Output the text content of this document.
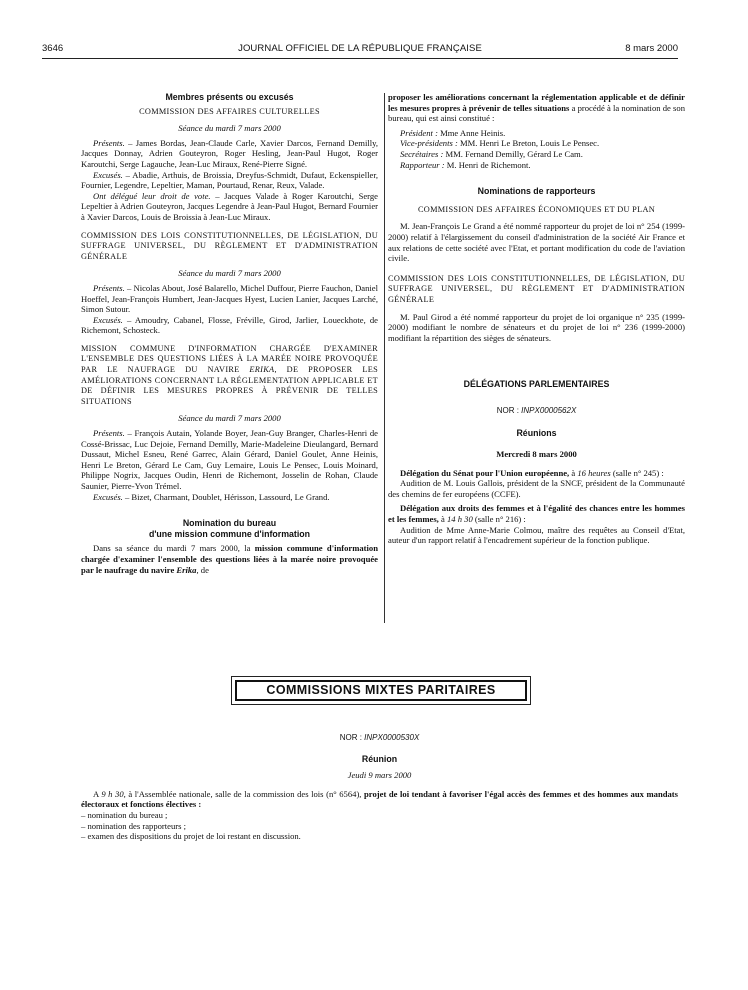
3646	JOURNAL OFFICIEL DE LA RÉPUBLIQUE FRANÇAISE	8 mars 2000
Membres présents ou excusés

COMMISSION DES AFFAIRES CULTURELLES

Séance du mardi 7 mars 2000

Présents. – James Bordas, Jean-Claude Carle, Xavier Darcos, Fernand Demilly, Jacques Donnay, Adrien Gouteyron, Roger Hesling, Jean-Paul Hugot, Roger Karoutchi, Serge Lagauche, Jean-Luc Miraux, René-Pierre Signé.

Excusés. – Abadie, Arthuis, de Broissia, Dreyfus-Schmidt, Dufaut, Eckenspieller, Fournier, Legendre, Lepeltier, Maman, Pourtaud, Renar, Reux, Valade.

Ont délégué leur droit de vote. – Jacques Valade à Roger Karoutchi, Serge Lepeltier à Adrien Gouteyron, Jacques Legendre à Jean-Paul Hugot, Bernard Fournier à Xavier Darcos, Louis de Broissia à Jean-Luc Miraux.

COMMISSION DES LOIS CONSTITUTIONNELLES, DE LÉGISLATION, DU SUFFRAGE UNIVERSEL, DU RÈGLEMENT ET D'ADMINISTRATION GÉNÉRALE

Séance du mardi 7 mars 2000

Présents. – Nicolas About, José Balarello, Michel Duffour, Pierre Fauchon, Daniel Hoeffel, Jean-François Humbert, Jean-Jacques Hyest, Lucien Lanier, Jacques Larché, Simon Sutour.

Excusés. – Amoudry, Cabanel, Flosse, Fréville, Girod, Jarlier, Loueckhote, de Richemont, Schosteck.

MISSION COMMUNE D'INFORMATION CHARGÉE D'EXAMINER L'ENSEMBLE DES QUESTIONS LIÉES À LA MARÉE NOIRE PROVOQUÉE PAR LE NAUFRAGE DU NAVIRE ERIKA, DE PROPOSER LES AMÉLIORATIONS CONCERNANT LA RÉGLEMENTATION APPLICABLE ET DE DÉFINIR LES MESURES PROPRES À PRÉVENIR DE TELLES SITUATIONS

Séance du mardi 7 mars 2000

Présents. – François Autain, Yolande Boyer, Jean-Guy Branger, Charles-Henri de Cossé-Brissac, Luc Dejoie, Fernand Demilly, Marie-Madeleine Dieulangard, Bernard Dussaut, Michel Esneu, René Garrec, Alain Gérard, Daniel Goulet, Anne Heinis, Henri Le Breton, Gérard Le Cam, Guy Lemaire, Louis Le Pensec, Louis Moinard, Philippe Nogrix, Jacques Oudin, Henri de Richemont, Josselin de Rohan, Claude Saunier, Pierre-Yvon Trémel.

Excusés. – Bizet, Charmant, Doublet, Hérisson, Lassourd, Le Grand.

Nomination du bureau
d'une mission commune d'information

Dans sa séance du mardi 7 mars 2000, la mission commune d'information chargée d'examiner l'ensemble des questions liées à la marée noire provoquée par le naufrage du navire Erika, de

proposer les améliorations concernant la réglementation applicable et de définir les mesures propres à prévenir de telles situations a procédé à la nomination de son bureau, qui est ainsi constitué :

Président : Mme Anne Heinis.

Vice-présidents : MM. Henri Le Breton, Louis Le Pensec.

Secrétaires : MM. Fernand Demilly, Gérard Le Cam.

Rapporteur : M. Henri de Richemont.

Nominations de rapporteurs

COMMISSION DES AFFAIRES ÉCONOMIQUES ET DU PLAN

M. Jean-François Le Grand a été nommé rapporteur du projet de loi n° 254 (1999-2000) relatif à l'élargissement du conseil d'administration de la société Air France et aux relations de cette société avec l'Etat, et portant modification du code de l'aviation civile.

COMMISSION DES LOIS CONSTITUTIONNELLES, DE LÉGISLATION, DU SUFFRAGE UNIVERSEL, DU RÈGLEMENT ET D'ADMINISTRATION GÉNÉRALE

M. Paul Girod a été nommé rapporteur du projet de loi organique n° 235 (1999-2000) modifiant le nombre de sénateurs et du projet de loi n° 236 (1999-2000) modifiant la répartition des sièges de sénateurs.

DÉLÉGATIONS PARLEMENTAIRES
NOR : INPX0000562X
Réunions

Mercredi 8 mars 2000

Délégation du Sénat pour l'Union européenne, à 16 heures (salle n° 245) :

Audition de M. Louis Gallois, président de la SNCF, président de la Communauté des chemins de fer européens (CCFE).

Délégation aux droits des femmes et à l'égalité des chances entre les hommes et les femmes, à 14 h 30 (salle n° 216) :

Audition de Mme Anne-Marie Colmou, maître des requêtes au Conseil d'Etat, auteur d'un rapport relatif à l'encadrement supérieur de la fonction publique.

COMMISSIONS MIXTES PARITAIRES
NOR : INPX0000530X
Réunion

Jeudi 9 mars 2000

A 9 h 30, à l'Assemblée nationale, salle de la commission des lois (n° 6564), projet de loi tendant à favoriser l'égal accès des femmes et des hommes aux mandats électoraux et fonctions électives :

– nomination du bureau ;
– nomination des rapporteurs ;
– examen des dispositions du projet de loi restant en discussion.
